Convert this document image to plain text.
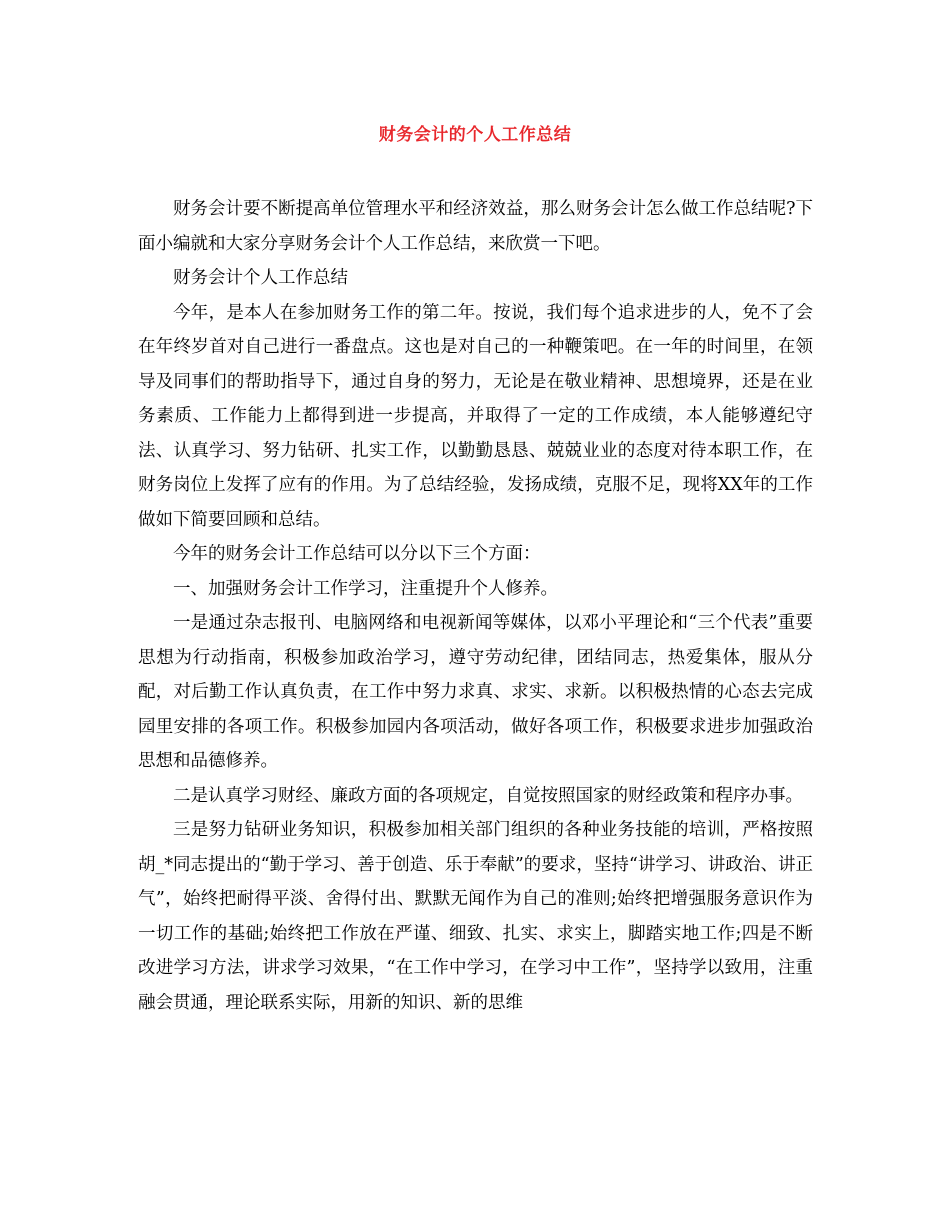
财务会计的个人工作总结

财务会计要不断提高单位管理水平和经济效益，那么财务会计怎么做工作总结呢?下面小编就和大家分享财务会计个人工作总结，来欣赏一下吧。

财务会计个人工作总结

今年，是本人在参加财务工作的第二年。按说，我们每个追求进步的人，免不了会在年终岁首对自己进行一番盘点。这也是对自己的一种鞭策吧。在一年的时间里，在领导及同事们的帮助指导下，通过自身的努力，无论是在敬业精神、思想境界，还是在业务素质、工作能力上都得到进一步提高，并取得了一定的工作成绩，本人能够遵纪守法、认真学习、努力钻研、扎实工作，以勤勤恳恳、兢兢业业的态度对待本职工作，在财务岗位上发挥了应有的作用。为了总结经验，发扬成绩，克服不足，现将XX年的工作做如下简要回顾和总结。

今年的财务会计工作总结可以分以下三个方面：

一、加强财务会计工作学习，注重提升个人修养。

一是通过杂志报刊、电脑网络和电视新闻等媒体，以邓小平理论和“三个代表”重要思想为行动指南，积极参加政治学习，遵守劳动纪律，团结同志，热爱集体，服从分配，对后勤工作认真负责，在工作中努力求真、求实、求新。以积极热情的心态去完成园里安排的各项工作。积极参加园内各项活动，做好各项工作，积极要求进步加强政治思想和品德修养。

二是认真学习财经、廉政方面的各项规定，自觉按照国家的财经政策和程序办事。

三是努力钻研业务知识，积极参加相关部门组织的各种业务技能的培训，严格按照胡_*同志提出的“勤于学习、善于创造、乐于奉献”的要求，坚持“讲学习、讲政治、讲正气”，始终把耐得平淡、舍得付出、默默无闻作为自己的准则;始终把增强服务意识作为一切工作的基础;始终把工作放在严谨、细致、扎实、求实上，脚踏实地工作;四是不断改进学习方法，讲求学习效果，“在工作中学习，在学习中工作”，坚持学以致用，注重融会贯通，理论联系实际，用新的知识、新的思维
